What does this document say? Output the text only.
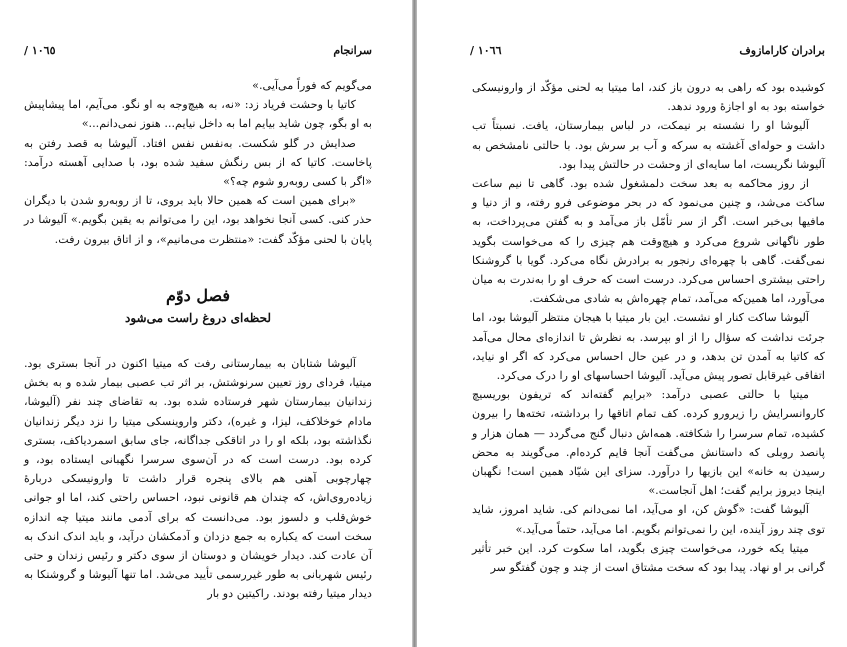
سرانجام
١٠٦٥ /

می‌گویم که فوراً می‌آیی.»

کاتیا با وحشت فریاد زد: «نه، به هیچ‌وجه به او نگو. می‌آیم، اما پیشاپیش به او بگو، چون شاید بیایم اما به داخل نیایم... هنوز نمی‌دانم...»

صدایش در گلو شکست. به‌نفس نفس افتاد. آلیوشا به قصد رفتن به پاخاست. کاتیا که از بس رنگش سفید شده بود، با صدایی آهسته درآمد: «اگر با کسی روبه‌رو شوم چه؟»

«برای همین است که همین حالا باید بروی، تا از روبه‌رو شدن با دیگران حذر کنی. کسی آنجا نخواهد بود، این را می‌توانم به یقین بگویم.» آلیوشا در پایان با لحنی مؤکّد گفت: «منتظرت می‌مانیم»، و از اتاق بیرون رفت.

فصل دوّم

لحظه‌ای دروغ راست می‌شود

آلیوشا شتابان به بیمارستانی رفت که میتیا اکنون در آنجا بستری بود. میتیا، فردای روز تعیین سرنوشتش، بر اثر تب عصبی بیمار شده و به بخش زندانیان بیمارستان شهر فرستاده شده بود. به تقاضای چند نفر (آلیوشا، مادام خوخلاکف، لیزا، و غیره)، دکتر واروینسکی میتیا را نزد دیگر زندانیان نگذاشته بود، بلکه او را در اتاقکی جداگانه، جای سابق اسمردیاکف، بستری کرده بود. درست است که در آن‌سوی سرسرا نگهبانی ایستاده بود، و چهارچوبی آهنی هم بالای پنجره قرار داشت تا وارونیسکی دربارهٔ زیاده‌روی‌اش، که چندان هم قانونی نبود، احساس راحتی کند، اما او جوانی خوش‌قلب و دلسوز بود. می‌دانست که برای آدمی مانند میتیا چه اندازه سخت است که یکباره به جمع دزدان و آدمکشان درآید، و باید اندک اندک به آن عادت کند. دیدار خویشان و دوستان از سوی دکتر و رئیس زندان و حتی رئیس شهربانی به طور غیررسمی تأیید می‌شد. اما تنها آلیوشا و گروشنکا به دیدار میتیا رفته بودند. راکیتین دو بار

برادران کارامازوف
١٠٦٦ /

کوشیده بود که راهی به درون باز کند، اما میتیا به لحنی مؤکّد از وارونیسکی خواسته بود به او اجازهٔ ورود ندهد.

آلیوشا او را نشسته بر نیمکت، در لباس بیمارستان، یافت. نسبتاً تب داشت و حوله‌ای آغشته به سرکه و آب بر سرش بود. با حالتی نامشخص به آلیوشا نگریست، اما سایه‌ای از وحشت در حالتش پیدا بود.

از روز محاکمه به بعد سخت دلمشغول شده بود. گاهی تا نیم ساعت ساکت می‌شد، و چنین می‌نمود که در بحر موضوعی فرو رفته، و از دنیا و مافیها بی‌خبر است. اگر از سر تأمّل باز می‌آمد و به گفتن می‌پرداخت، به طور ناگهانی شروع می‌کرد و هیچ‌وقت هم چیزی را که می‌خواست بگوید نمی‌گفت. گاهی با چهره‌ای رنجور به برادرش نگاه می‌کرد. گویا با گروشنکا راحتی بیشتری احساس می‌کرد. درست است که حرف او را به‌ندرت به میان می‌آورد، اما همین‌که می‌آمد، تمام چهره‌اش به شادی می‌شکفت.

آلیوشا ساکت کنار او نشست. این بار میتیا با هیجان منتظر آلیوشا بود، اما جرئت نداشت که سؤال را از او بپرسد. به نظرش تا اندازه‌ای محال می‌آمد که کاتیا به آمدن تن بدهد، و در عین حال احساس می‌کرد که اگر او نیاید، اتفاقی غیرقابل تصور پیش می‌آید. آلیوشا احساسهای او را درک می‌کرد.

میتیا با حالتی عصبی درآمد: «برایم گفته‌اند که تریفون بوریسیچ کاروانسرایش را زیرورو کرده. کف تمام اتاقها را برداشته، تخته‌ها را بیرون کشیده، تمام سرسرا را شکافته. همه‌اش دنبال گنج می‌گردد — همان هزار و پانصد روبلی که داستانش می‌گفت آنجا قایم کرده‌ام. می‌گویند به محض رسیدن به خانه» این بازیها را درآورد. سزای این شیّاد همین است! نگهبان اینجا دیروز برایم گفت؛ اهل آنجاست.»

آلیوشا گفت: «گوش کن، او می‌آید، اما نمی‌دانم کی. شاید امروز، شاید توی چند روز آینده، این را نمی‌توانم بگویم. اما می‌آید، حتماً می‌آید.»

میتیا یکه خورد، می‌خواست چیزی بگوید، اما سکوت کرد. این خبر تأثیر گرانی بر او نهاد. پیدا بود که سخت مشتاق است از چند و چون گفتگو سر
